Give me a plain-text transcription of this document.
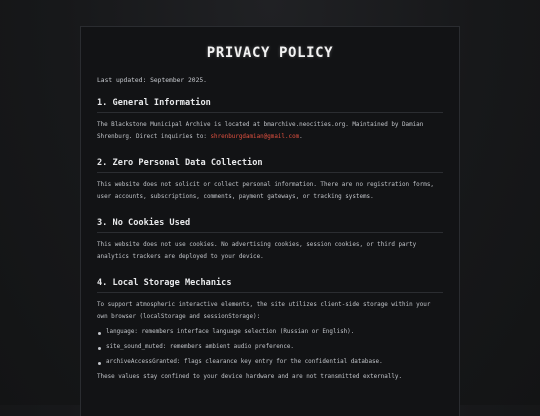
PRIVACY POLICY
Last updated: September 2025.
1. General Information

The Blackstone Municipal Archive is located at bmarchive.neocities.org. Maintained by Damian Shrenburg. Direct inquiries to: shrenburgdamian@gmail.com.

2. Zero Personal Data Collection

This website does not solicit or collect personal information. There are no registration forms, user accounts, subscriptions, comments, payment gateways, or tracking systems.

3. No Cookies Used

This website does not use cookies. No advertising cookies, session cookies, or third party analytics trackers are deployed to your device.

4. Local Storage Mechanics

To support atmospheric interactive elements, the site utilizes client-side storage within your own browser (localStorage and sessionStorage):

language: remembers interface language selection (Russian or English).
site_sound_muted: remembers ambient audio preference.
archiveAccessGranted: flags clearance key entry for the confidential database.

These values stay confined to your device hardware and are not transmitted externally.
